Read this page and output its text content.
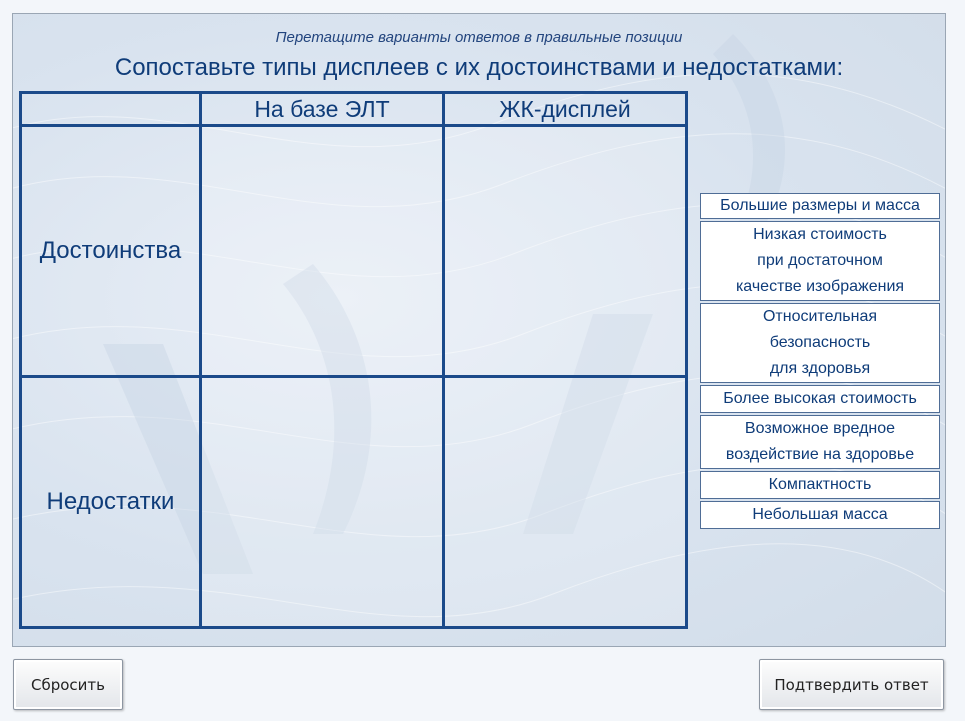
Перетащите варианты ответов в правильные позиции
Сопоставьте типы дисплеев с их достоинствами и недостатками:
	На базе ЭЛТ	ЖК-дисплей
Достоинства		
Недостатки		
Большие размеры и масса
Низкая стоимость
при достаточном
качестве изображения
Относительная
безопасность
для здоровья
Более высокая стоимость
Возможное вредное
воздействие на здоровье
Компактность
Небольшая масса
Сбросить	Подтвердить ответ
